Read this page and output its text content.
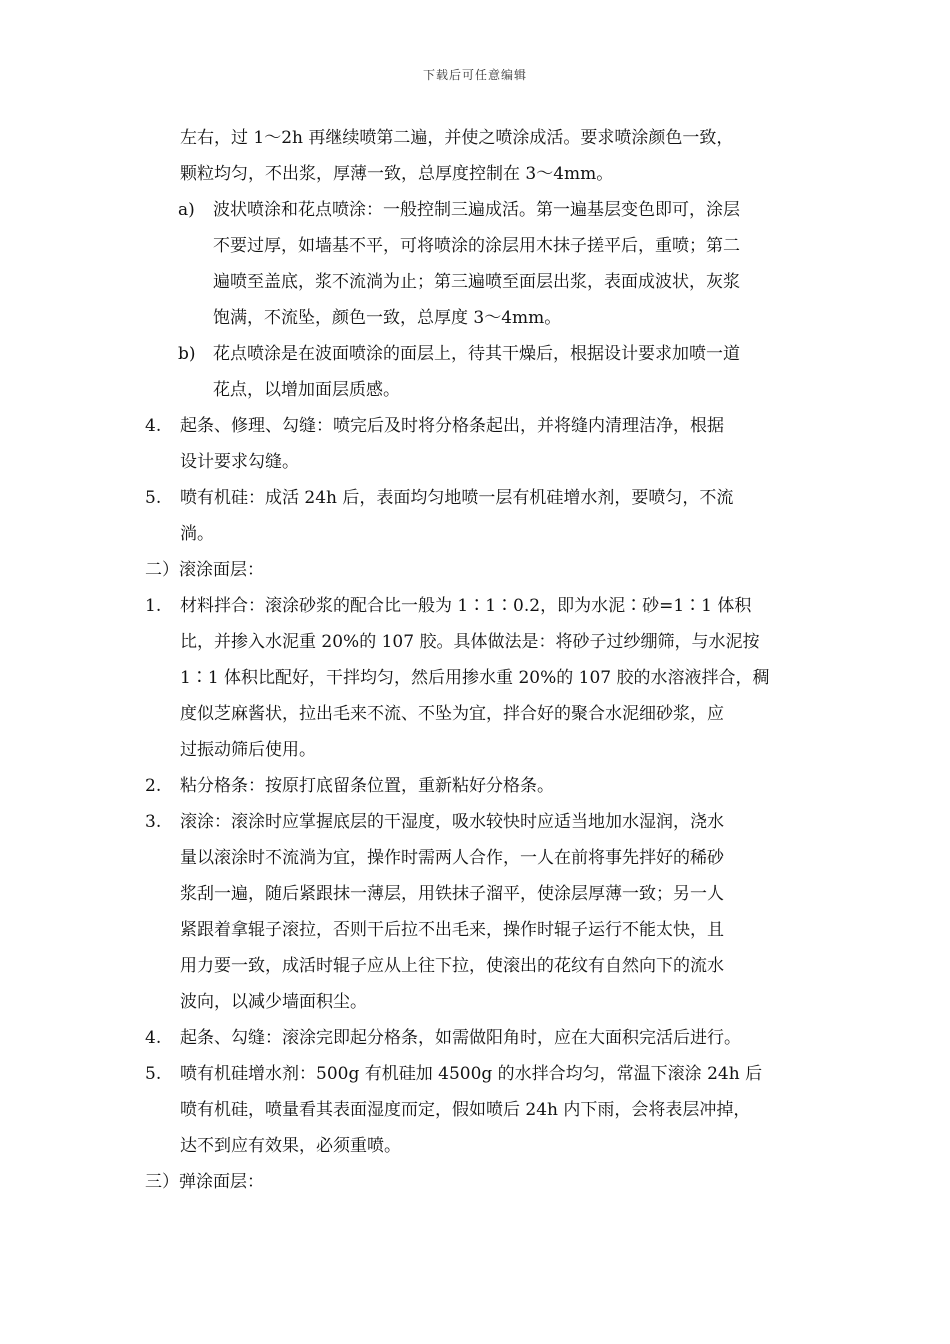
下载后可任意编辑
左右，过 1～2h 再继续喷第二遍，并使之喷涂成活。要求喷涂颜色一致，
颗粒均匀，不出浆，厚薄一致，总厚度控制在 3～4mm。
a)	波状喷涂和花点喷涂：一般控制三遍成活。第一遍基层变色即可，涂层
不要过厚，如墙基不平，可将喷涂的涂层用木抹子搓平后，重喷；第二
遍喷至盖底，浆不流淌为止；第三遍喷至面层出浆，表面成波状，灰浆
饱满，不流坠，颜色一致，总厚度 3～4mm。
b)	花点喷涂是在波面喷涂的面层上，待其干燥后，根据设计要求加喷一道
花点，以增加面层质感。
4.	起条、修理、勾缝：喷完后及时将分格条起出，并将缝内清理洁净，根据
设计要求勾缝。
5.	喷有机硅：成活 24h 后，表面均匀地喷一层有机硅增水剂，要喷匀，不流
淌。
二）滚涂面层：
1.	材料拌合：滚涂砂浆的配合比一般为 1∶1∶0.2，即为水泥∶砂=1∶1 体积
比，并掺入水泥重 20%的 107 胶。具体做法是：将砂子过纱绷筛，与水泥按
1∶1 体积比配好，干拌均匀，然后用掺水重 20%的 107 胶的水溶液拌合，稠
度似芝麻酱状，拉出毛来不流、不坠为宜，拌合好的聚合水泥细砂浆，应
过振动筛后使用。
2.	粘分格条：按原打底留条位置，重新粘好分格条。
3.	滚涂：滚涂时应掌握底层的干湿度，吸水较快时应适当地加水湿润，浇水
量以滚涂时不流淌为宜，操作时需两人合作，一人在前将事先拌好的稀砂
浆刮一遍，随后紧跟抹一薄层，用铁抹子溜平，使涂层厚薄一致；另一人
紧跟着拿辊子滚拉，否则干后拉不出毛来，操作时辊子运行不能太快，且
用力要一致，成活时辊子应从上往下拉，使滚出的花纹有自然向下的流水
波向，以减少墙面积尘。
4.	起条、勾缝：滚涂完即起分格条，如需做阳角时，应在大面积完活后进行。
5.	喷有机硅增水剂：500g 有机硅加 4500g 的水拌合均匀，常温下滚涂 24h 后
喷有机硅，喷量看其表面湿度而定，假如喷后 24h 内下雨，会将表层冲掉，
达不到应有效果，必须重喷。
三）弹涂面层：
